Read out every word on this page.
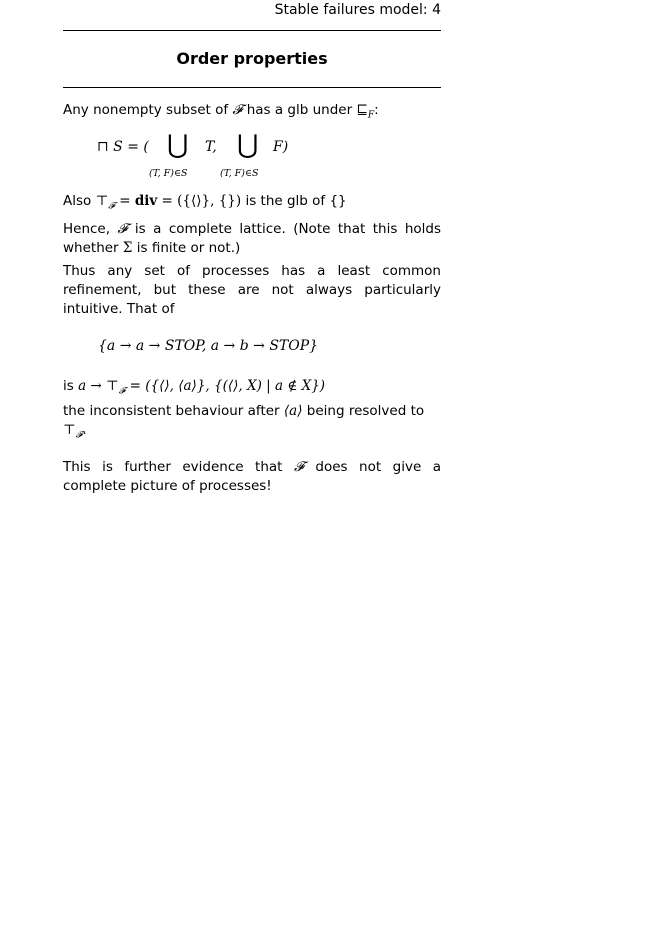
Stable failures model: 4
Order properties

Any nonempty subset of 𝓕 has a glb under $⊑_F$:

⊓ S = ( ⋃
(T, F)∈S
T, ⋃
(T, F)∈S
F)

Also $⊤_𝓕$ = div = ({⟨⟩}, {}) is the glb of {}

Hence, 𝓕 is a complete lattice. (Note that this holds whether Σ is finite or not.)

Thus any set of processes has a least common refinement, but these are not always particularly intuitive. That of

{a → a → STOP, a → b → STOP}

is $a \to ⊤_𝓕$ = ({⟨⟩, ⟨a⟩}, {(⟨⟩, X) | a ∉ X})
the inconsistent behaviour after ⟨a⟩ being resolved to $⊤_𝓕$.

This is further evidence that 𝓕 does not give a complete picture of processes!
